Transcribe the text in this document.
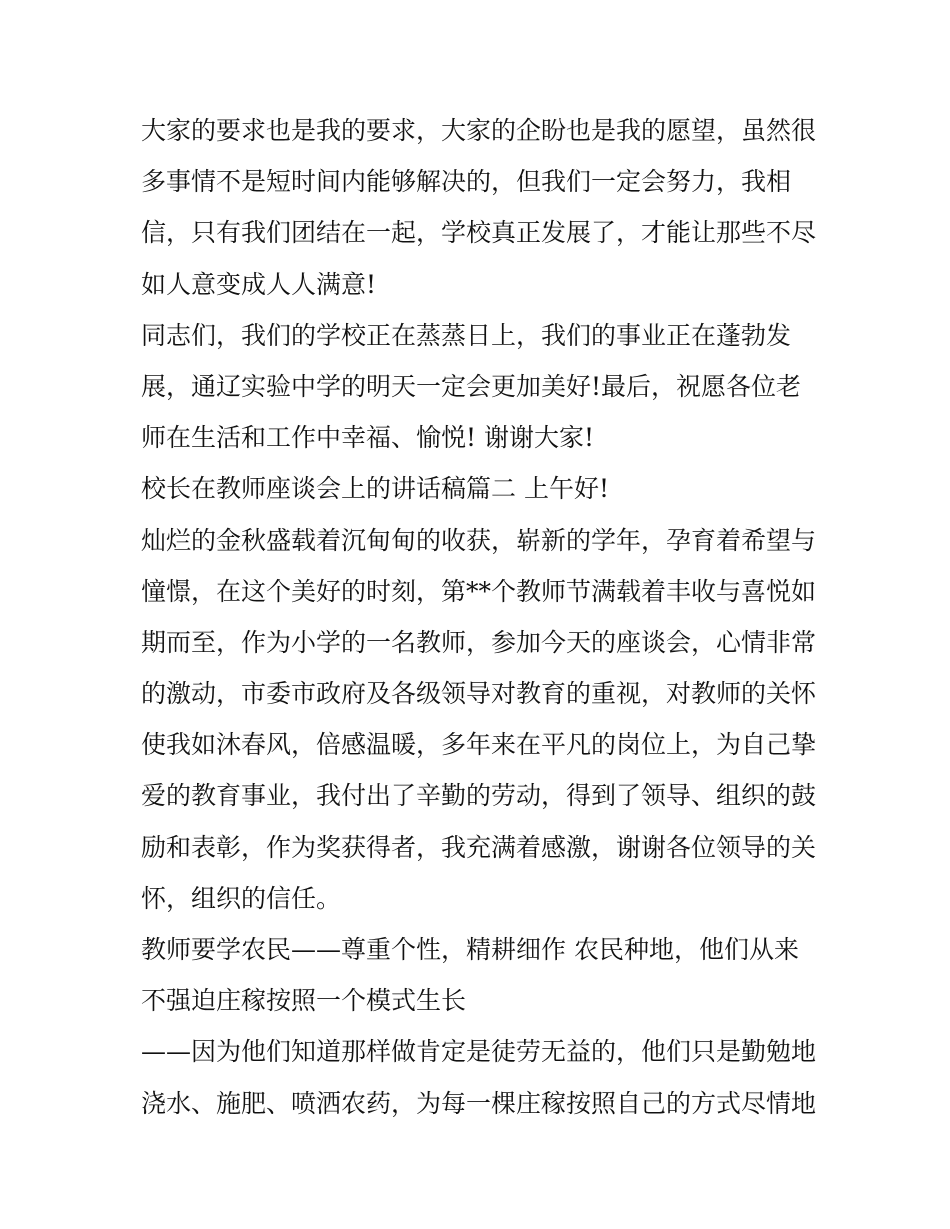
大家的要求也是我的要求，大家的企盼也是我的愿望，虽然很
多事情不是短时间内能够解决的，但我们一定会努力，我相
信，只有我们团结在一起，学校真正发展了，才能让那些不尽
如人意变成人人满意!
同志们，我们的学校正在蒸蒸日上，我们的事业正在蓬勃发
展，通辽实验中学的明天一定会更加美好!最后，祝愿各位老
师在生活和工作中幸福、愉悦! 谢谢大家!
校长在教师座谈会上的讲话稿篇二 上午好!
灿烂的金秋盛载着沉甸甸的收获，崭新的学年，孕育着希望与
憧憬，在这个美好的时刻，第**个教师节满载着丰收与喜悦如
期而至，作为小学的一名教师，参加今天的座谈会，心情非常
的激动，市委市政府及各级领导对教育的重视，对教师的关怀
使我如沐春风，倍感温暖，多年来在平凡的岗位上，为自己挚
爱的教育事业，我付出了辛勤的劳动，得到了领导、组织的鼓
励和表彰，作为奖获得者，我充满着感激，谢谢各位领导的关
怀，组织的信任。
教师要学农民——尊重个性，精耕细作 农民种地，他们从来
不强迫庄稼按照一个模式生长
——因为他们知道那样做肯定是徒劳无益的，他们只是勤勉地
浇水、施肥、喷洒农药，为每一棵庄稼按照自己的方式尽情地
